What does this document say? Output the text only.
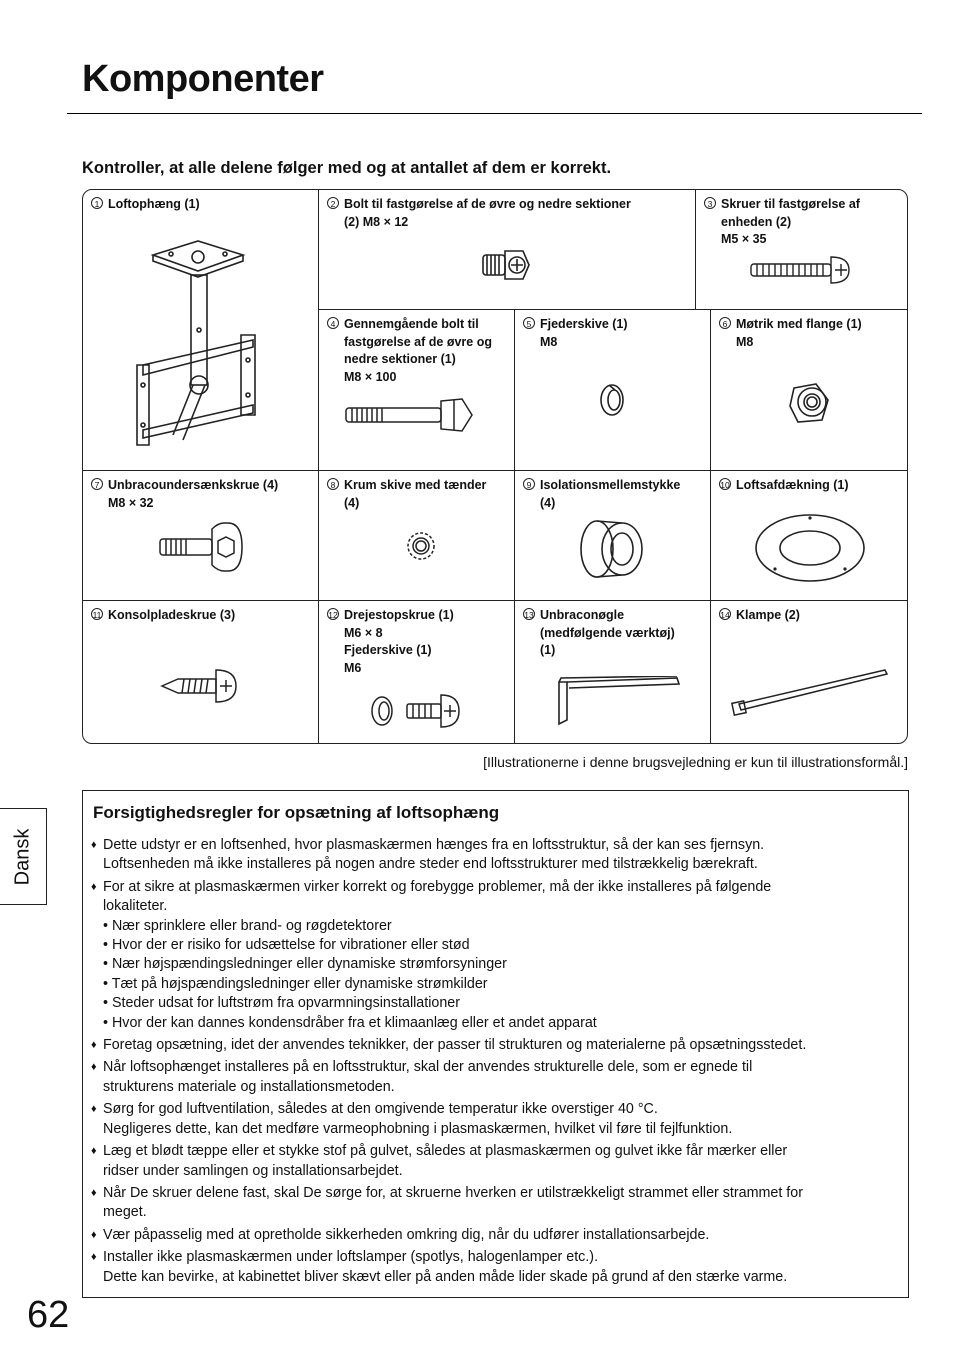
Komponenter
Kontroller, at alle delene følger med og at antallet af dem er korrekt.
1 Loftophæng (1)	2 Bolt til fastgørelse af de øvre og nedre sektioner
(2) M8 × 12
3 Skruer til fastgørelse af
enheden (2)
M5 × 35
4 Gennemgående bolt til
fastgørelse af de øvre og
nedre sektioner (1)
M8 × 100
5 Fjederskive (1)
M8
6 Møtrik med flange (1)
M8
7 Unbracoundersænkskrue (4)
M8 × 32
8 Krum skive med tænder
(4)
9 Isolationsmellemstykke
(4)
10 Loftsafdækning (1)
11 Konsolpladeskrue (3)	12 Drejestopskrue (1)
M6 × 8
Fjederskive (1)
M6
13 Unbraconøgle
(medfølgende værktøj)
(1)
14 Klampe (2)
[Illustrationerne i denne brugsvejledning er kun til illustrationsformål.]
Dansk
Forsigtighedsregler for opsætning af loftsophæng
♦ Dette udstyr er en loftsenhed, hvor plasmaskærmen hænges fra en loftsstruktur, så der kan ses fjernsyn.
Loftsenheden må ikke installeres på nogen andre steder end loftsstrukturer med tilstrækkelig bærekraft.
♦ For at sikre at plasmaskærmen virker korrekt og forebygge problemer, må der ikke installeres på følgende
lokaliteter.
• Nær sprinklere eller brand- og røgdetektorer
• Hvor der er risiko for udsættelse for vibrationer eller stød
• Nær højspændingsledninger eller dynamiske strømforsyninger
• Tæt på højspændingsledninger eller dynamiske strømkilder
• Steder udsat for luftstrøm fra opvarmningsinstallationer
• Hvor der kan dannes kondensdråber fra et klimaanlæg eller et andet apparat
♦ Foretag opsætning, idet der anvendes teknikker, der passer til strukturen og materialerne på opsætningsstedet.
♦ Når loftsophænget installeres på en loftsstruktur, skal der anvendes strukturelle dele, som er egnede til
strukturens materiale og installationsmetoden.
♦ Sørg for god luftventilation, således at den omgivende temperatur ikke overstiger 40 °C.
Negligeres dette, kan det medføre varmeophobning i plasmaskærmen, hvilket vil føre til fejlfunktion.
♦ Læg et blødt tæppe eller et stykke stof på gulvet, således at plasmaskærmen og gulvet ikke får mærker eller
ridser under samlingen og installationsarbejdet.
♦ Når De skruer delene fast, skal De sørge for, at skruerne hverken er utilstrækkeligt strammet eller strammet for
meget.
♦ Vær påpasselig med at opretholde sikkerheden omkring dig, når du udfører installationsarbejde.
♦ Installer ikke plasmaskærmen under loftslamper (spotlys, halogenlamper etc.).
Dette kan bevirke, at kabinettet bliver skævt eller på anden måde lider skade på grund af den stærke varme.
62
